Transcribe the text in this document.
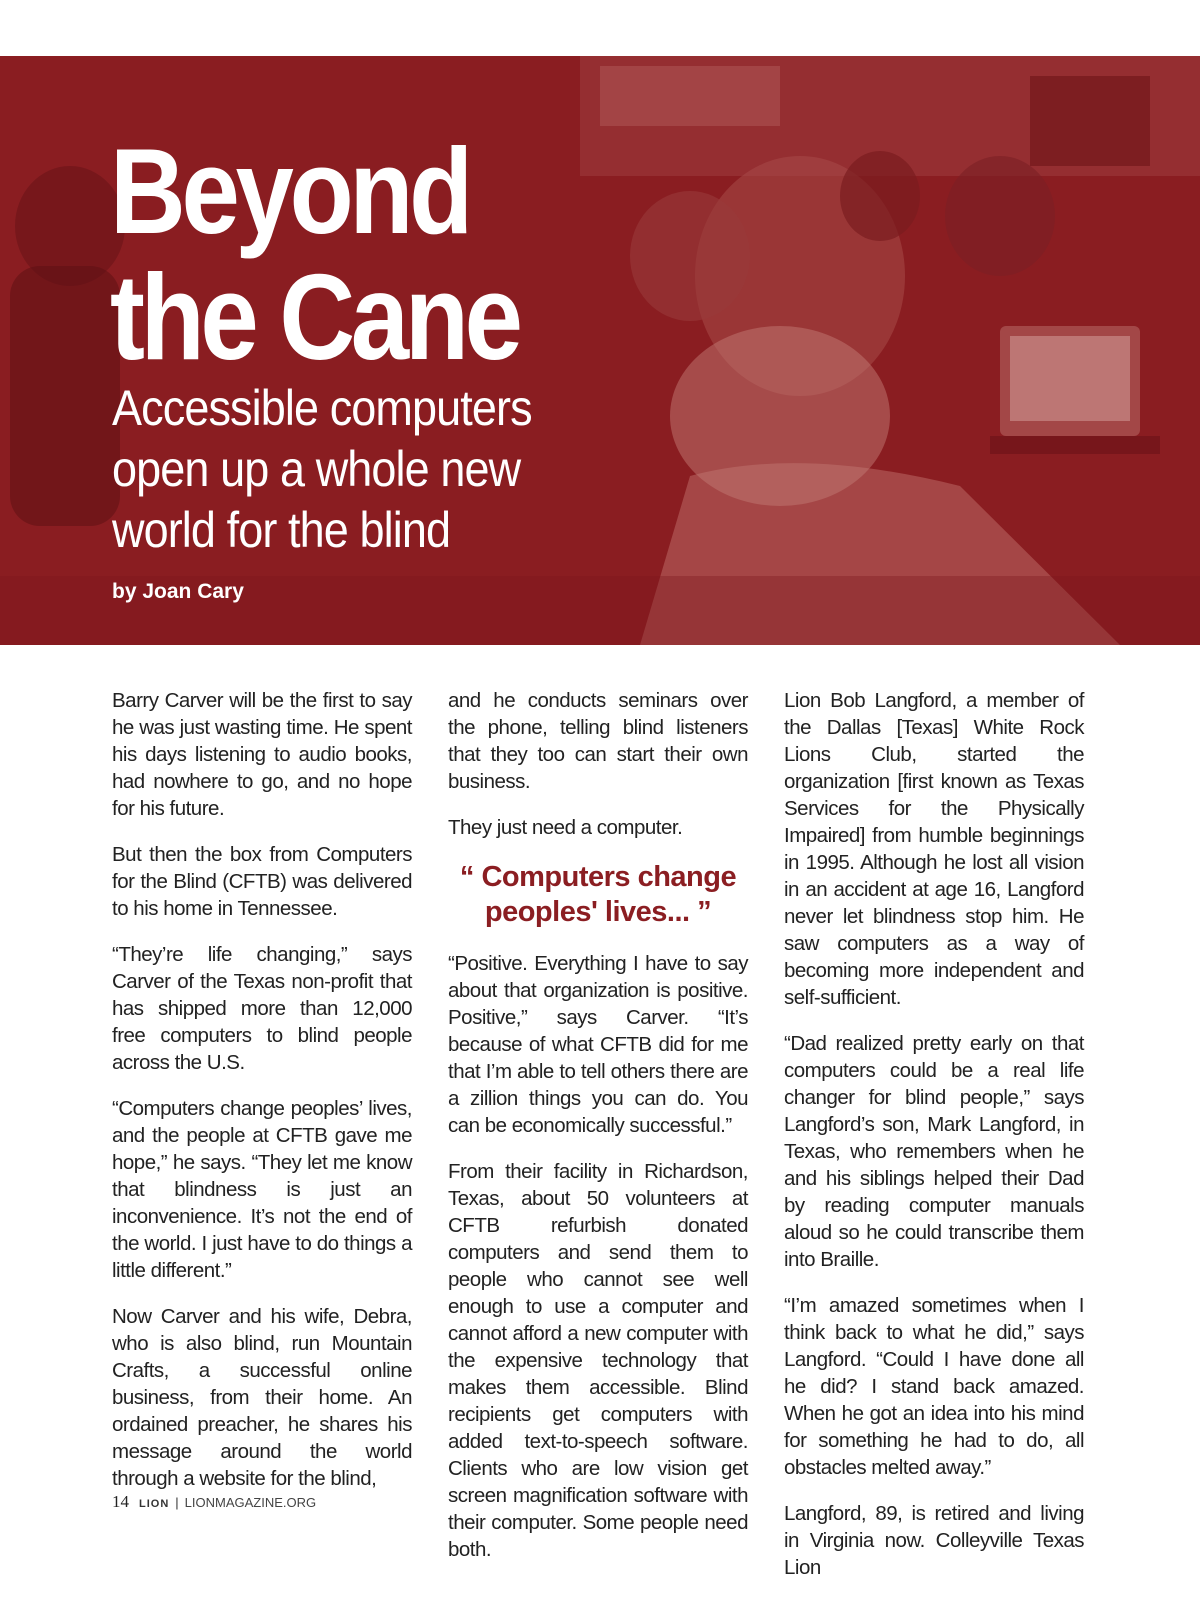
Beyond
the Cane
Accessible computers open up a whole new world for the blind

by Joan Cary

Barry Carver will be the first to say he was just wasting time. He spent his days listening to audio books, had nowhere to go, and no hope for his future.

But then the box from Computers for the Blind (CFTB) was delivered to his home in Tennessee.

“They’re life changing,” says Carver of the Texas non-profit that has shipped more than 12,000 free computers to blind people across the U.S.

“Computers change peoples’ lives, and the people at CFTB gave me hope,” he says. “They let me know that blindness is just an inconvenience. It’s not the end of the world. I just have to do things a little different.”

Now Carver and his wife, Debra, who is also blind, run Mountain Crafts, a successful online business, from their home. An ordained preacher, he shares his message around the world through a website for the blind,

and he conducts seminars over the phone, telling blind listeners that they too can start their own business.

They just need a computer.

“ Computers change peoples' lives... ”

“Positive. Everything I have to say about that organization is positive. Positive,” says Carver. “It’s because of what CFTB did for me that I’m able to tell others there are a zillion things you can do. You can be economically successful.”

From their facility in Richardson, Texas, about 50 volunteers at CFTB refurbish donated computers and send them to people who cannot see well enough to use a computer and cannot afford a new computer with the expensive technology that makes them accessible. Blind recipients get computers with added text-to-speech software. Clients who are low vision get screen magnification software with their computer. Some people need both.

Lion Bob Langford, a member of the Dallas [Texas] White Rock Lions Club, started the organization [first known as Texas Services for the Physically Impaired] from humble beginnings in 1995. Although he lost all vision in an accident at age 16, Langford never let blindness stop him. He saw computers as a way of becoming more independent and self-sufficient.

“Dad realized pretty early on that computers could be a real life changer for blind people,” says Langford’s son, Mark Langford, in Texas, who remembers when he and his siblings helped their Dad by reading computer manuals aloud so he could transcribe them into Braille.

“I’m amazed sometimes when I think back to what he did,” says Langford. “Could I have done all he did? I stand back amazed. When he got an idea into his mind for something he had to do, all obstacles melted away.”

Langford, 89, is retired and living in Virginia now. Colleyville Texas Lion

14 LION | LIONMAGAZINE.ORG
